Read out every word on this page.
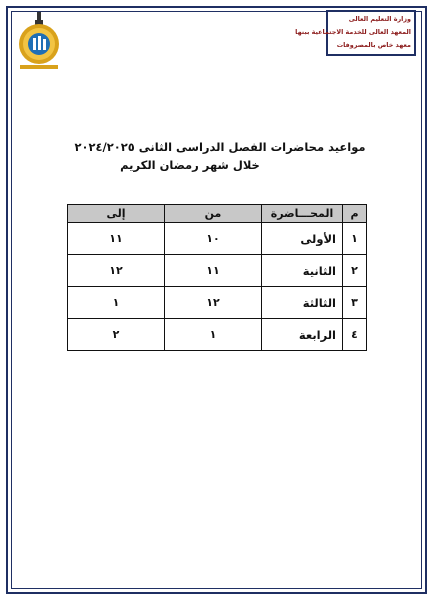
وزارة التعليم العالى
المعهد العالى للخدمة الاجتماعية ببنها
معهد خاص بالمصروفات
مواعيد محاضرات الفصل الدراسى الثانى ٢٠٢٤/٢٠٢٥
خلال شهر رمضان الكريم
م	المحـــاضرة	من	إلى
١	الأولى	١٠	١١
٢	الثانية	١١	١٢
٣	الثالثة	١٢	١
٤	الرابعة	١	٢
